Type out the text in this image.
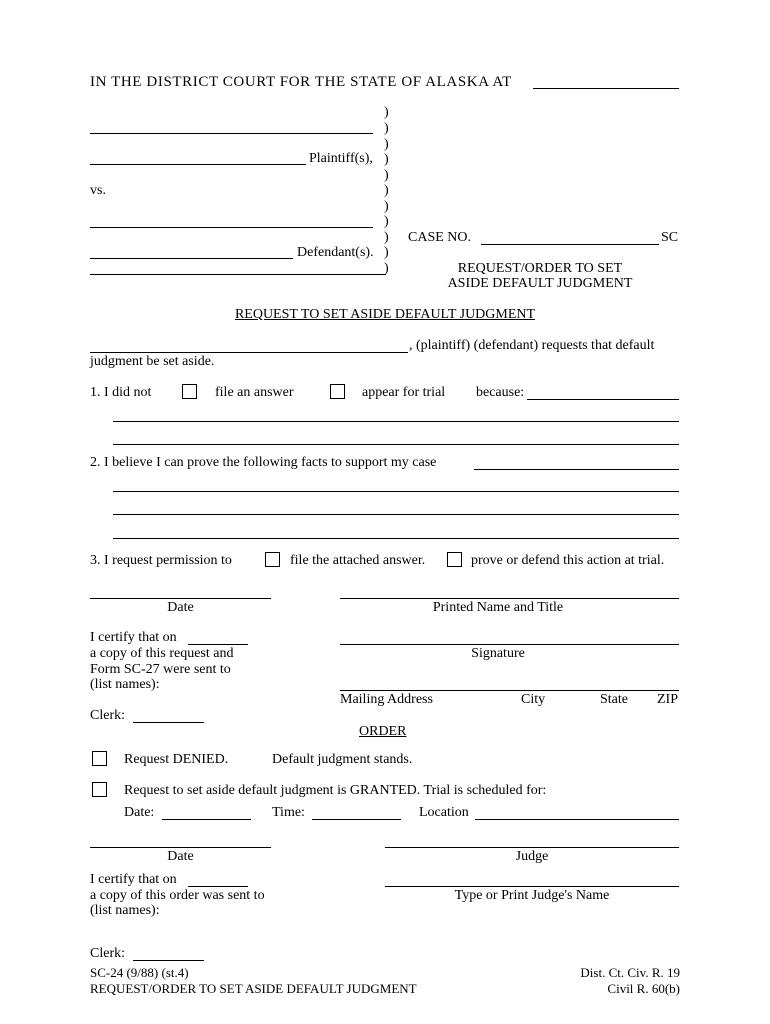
IN THE DISTRICT COURT FOR THE STATE OF ALASKA AT
Plaintiff(s),
vs.
Defendant(s).
)
)
)
)
)
)
)
)
)
)
)
CASE NO.	SC
REQUEST/ORDER TO SET
ASIDE DEFAULT JUDGMENT
REQUEST TO SET ASIDE DEFAULT JUDGMENT
, (plaintiff) (defendant) requests that default
judgment be set aside.
1. I did not	file an answer	appear for trial because:
2. I believe I can prove the following facts to support my case
3. I request permission to	file the attached answer.	prove or defend this action at trial.
Date	Printed Name and Title
I certify that on
a copy of this request and
Form SC-27 were sent to
(list names):
Signature
Mailing Address	City	State ZIP
Clerk:
ORDER
Request DENIED.	Default judgment stands.
Request to set aside default judgment is GRANTED. Trial is scheduled for:
Date:	Time:	Location
Date	Judge
I certify that on
a copy of this order was sent to
(list names):
Type or Print Judge's Name
Clerk:
SC-24 (9/88) (st.4)
REQUEST/ORDER TO SET ASIDE DEFAULT JUDGMENT
Dist. Ct. Civ. R. 19
Civil R. 60(b)
